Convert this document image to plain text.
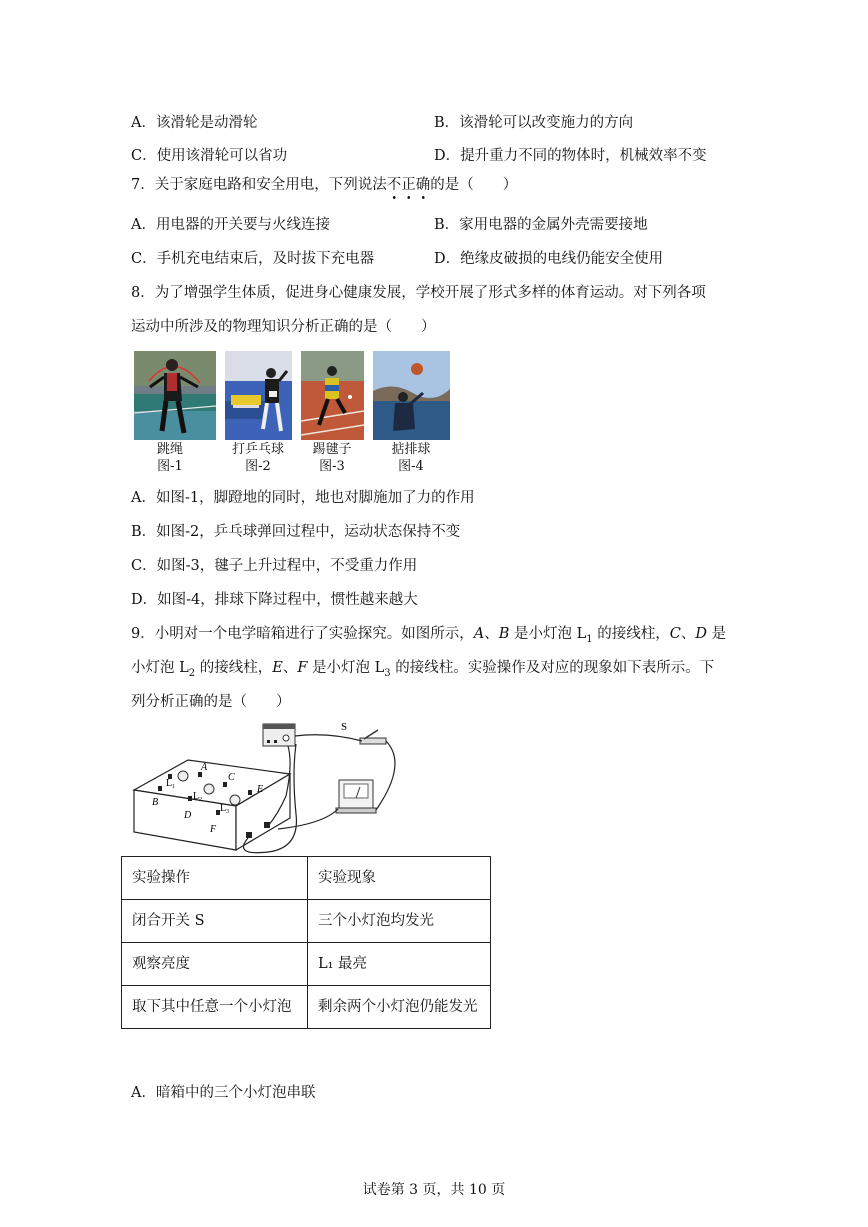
A．该滑轮是动滑轮	B．该滑轮可以改变施力的方向
C．使用该滑轮可以省功	D．提升重力不同的物体时，机械效率不变
7．关于家庭电路和安全用电，下列说法不正确的是（　　）
A．用电器的开关要与火线连接	B．家用电器的金属外壳需要接地
C．手机充电结束后，及时拔下充电器	D．绝缘皮破损的电线仍能安全使用
8．为了增强学生体质，促进身心健康发展，学校开展了形式多样的体育运动。对下列各项
运动中所涉及的物理知识分析正确的是（　　）
跳绳
图-1
打乒乓球
图-2
踢毽子
图-3
掂排球
图-4
A．如图-1，脚蹬地的同时，地也对脚施加了力的作用
B．如图-2，乒乓球弹回过程中，运动状态保持不变
C．如图-3，毽子上升过程中，不受重力作用
D．如图-4，排球下降过程中，惯性越来越大
9．小明对一个电学暗箱进行了实验探究。如图所示，A、B 是小灯泡 $L_1$ 的接线柱，C、D 是
小灯泡 $L_2$ 的接线柱，E、F 是小灯泡 $L_3$ 的接线柱。实验操作及对应的现象如下表所示。下
列分析正确的是（　　）
A
C
E
B
D
F
L 1
L 2
L 3
S
实验操作	实验现象
闭合开关 S	三个小灯泡均发光
观察亮度	L₁ 最亮
取下其中任意一个小灯泡	剩余两个小灯泡仍能发光
A．暗箱中的三个小灯泡串联
试卷第 3 页，共 10 页
